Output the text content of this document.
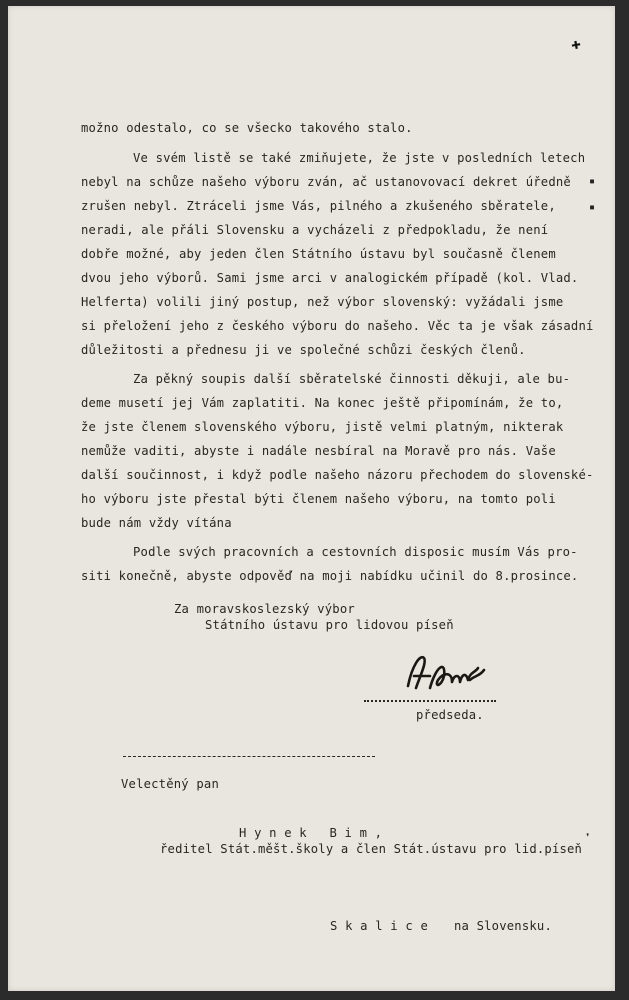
✚
▪
▪
❜
možno odestalo, co se všecko takového stalo.
Ve svém listě se také zmiňujete, že jste v posledních letech
nebyl na schůze našeho výboru zván, ač ustanovovací dekret úředně
zrušen nebyl. Ztráceli jsme Vás, pilného a zkušeného sběratele,
neradi, ale přáli Slovensku a vycházeli z předpokladu, že není
dobře možné, aby jeden člen Státního ústavu byl současně členem
dvou jeho výborů. Sami jsme arci v analogickém případě (kol. Vlad.
Helferta) volili jiný postup, než výbor slovenský: vyžádali jsme
si přeložení jeho z českého výboru do našeho. Věc ta je však zásadní
důležitosti a přednesu ji ve společné schůzi českých členů.
Za pěkný soupis další sběratelské činnosti děkuji, ale bu-
deme musetí jej Vám zaplatiti. Na konec ještě připomínám, že to,
že jste členem slovenského výboru, jistě velmi platným, nikterak
nemůže vaditi, abyste i nadále nesbíral na Moravě pro nás. Vaše
další součinnost, i když podle našeho názoru přechodem do slovenské-
ho výboru jste přestal býti členem našeho výboru, na tomto poli
bude nám vždy vítána
Podle svých pracovních a cestovních disposic musím Vás pro-
siti konečně, abyste odpověď na moji nabídku učinil do 8.prosince.
Za moravskoslezský výbor
Státního ústavu pro lidovou píseň
předseda.
Velectěný pan
H y n e k   B i m ,
ředitel Stát.měšt.školy a člen Stát.ústavu pro lid.píseň
S k a l i c e na Slovensku.
